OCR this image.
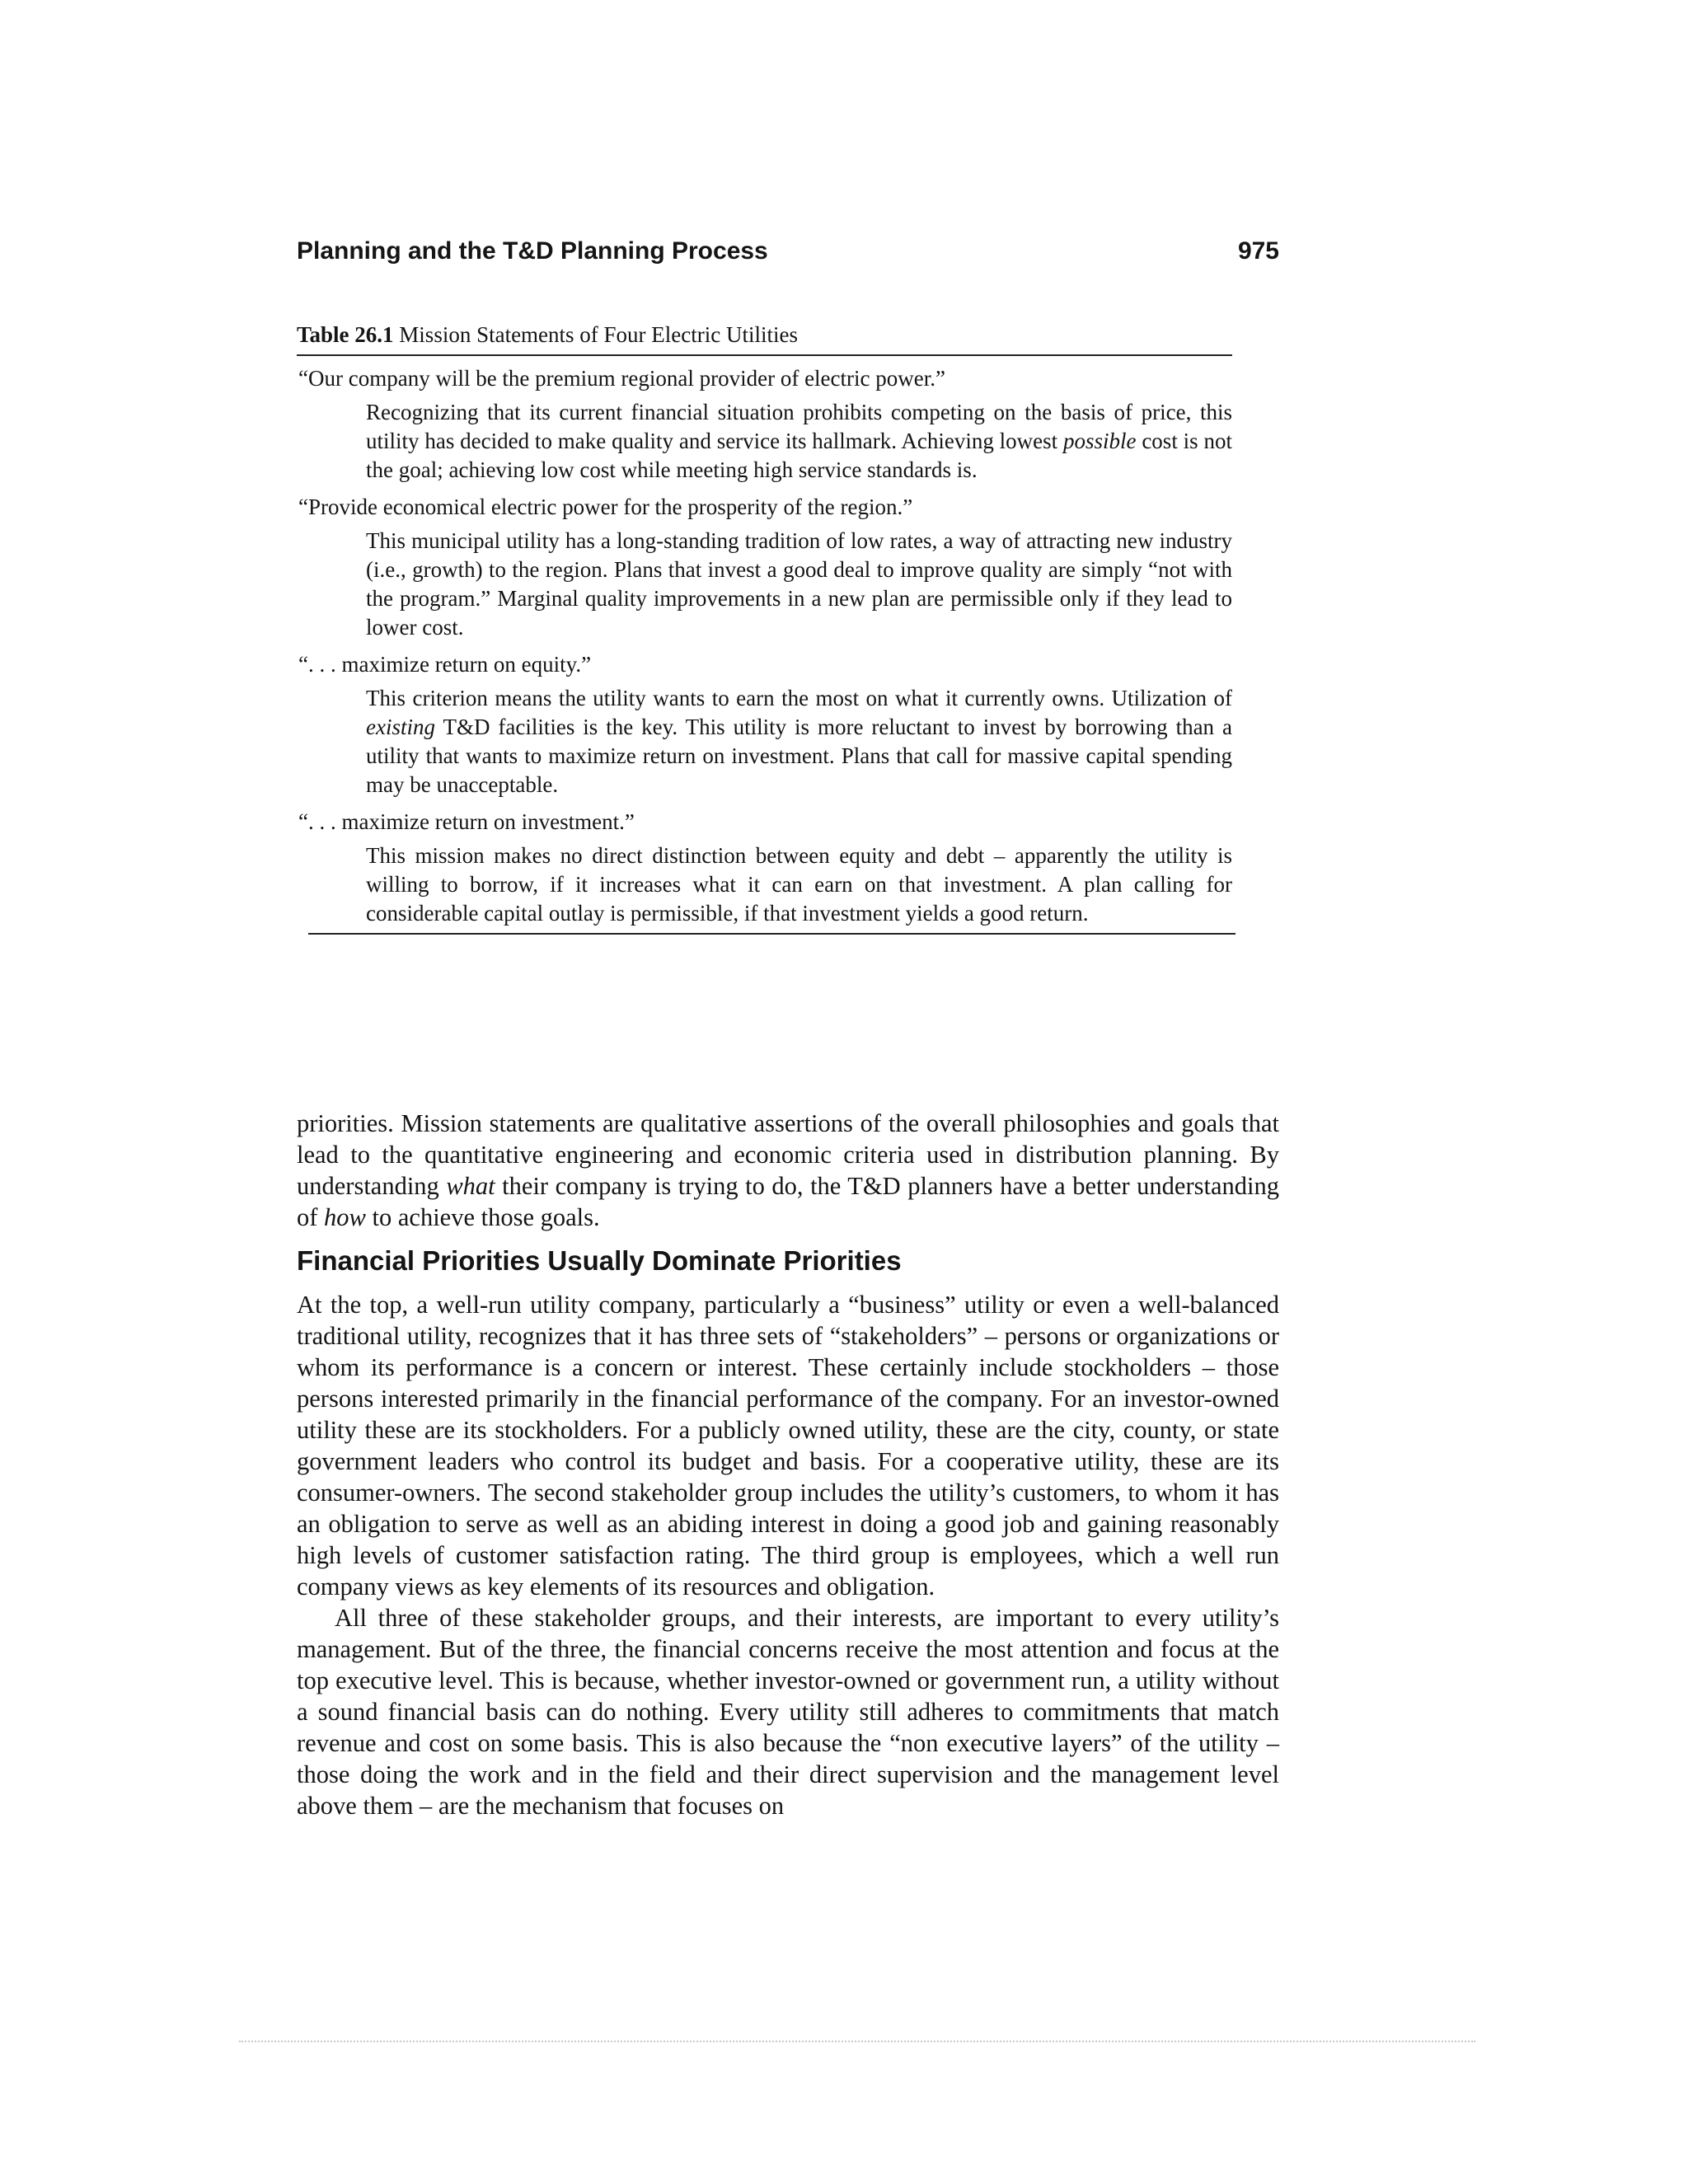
Planning and the T&D Planning Process	975
Table 26.1 Mission Statements of Four Electric Utilities
“Our company will be the premium regional provider of electric power.”
Recognizing that its current financial situation prohibits competing on the basis of price, this utility has decided to make quality and service its hallmark. Achieving lowest possible cost is not the goal; achieving low cost while meeting high service standards is.
“Provide economical electric power for the prosperity of the region.”
This municipal utility has a long-standing tradition of low rates, a way of attracting new industry (i.e., growth) to the region. Plans that invest a good deal to improve quality are simply “not with the program.” Marginal quality improvements in a new plan are permissible only if they lead to lower cost.
“. . . maximize return on equity.”
This criterion means the utility wants to earn the most on what it currently owns. Utilization of existing T&D facilities is the key. This utility is more reluctant to invest by borrowing than a utility that wants to maximize return on investment. Plans that call for massive capital spending may be unacceptable.
“. . . maximize return on investment.”
This mission makes no direct distinction between equity and debt – apparently the utility is willing to borrow, if it increases what it can earn on that investment. A plan calling for considerable capital outlay is permissible, if that investment yields a good return.

priorities. Mission statements are qualitative assertions of the overall philosophies and goals that lead to the quantitative engineering and economic criteria used in distribution planning. By understanding what their company is trying to do, the T&D planners have a better understanding of how to achieve those goals.

Financial Priorities Usually Dominate Priorities

At the top, a well-run utility company, particularly a “business” utility or even a well-balanced traditional utility, recognizes that it has three sets of “stakeholders” – persons or organizations or whom its performance is a concern or interest. These certainly include stockholders – those persons interested primarily in the financial performance of the company. For an investor-owned utility these are its stockholders. For a publicly owned utility, these are the city, county, or state government leaders who control its budget and basis. For a cooperative utility, these are its consumer-owners. The second stakeholder group includes the utility’s customers, to whom it has an obligation to serve as well as an abiding interest in doing a good job and gaining reasonably high levels of customer satisfaction rating. The third group is employees, which a well run company views as key elements of its resources and obligation.

All three of these stakeholder groups, and their interests, are important to every utility’s management. But of the three, the financial concerns receive the most attention and focus at the top executive level. This is because, whether investor-owned or government run, a utility without a sound financial basis can do nothing. Every utility still adheres to commitments that match revenue and cost on some basis. This is also because the “non executive layers” of the utility – those doing the work and in the field and their direct supervision and the management level above them – are the mechanism that focuses on
